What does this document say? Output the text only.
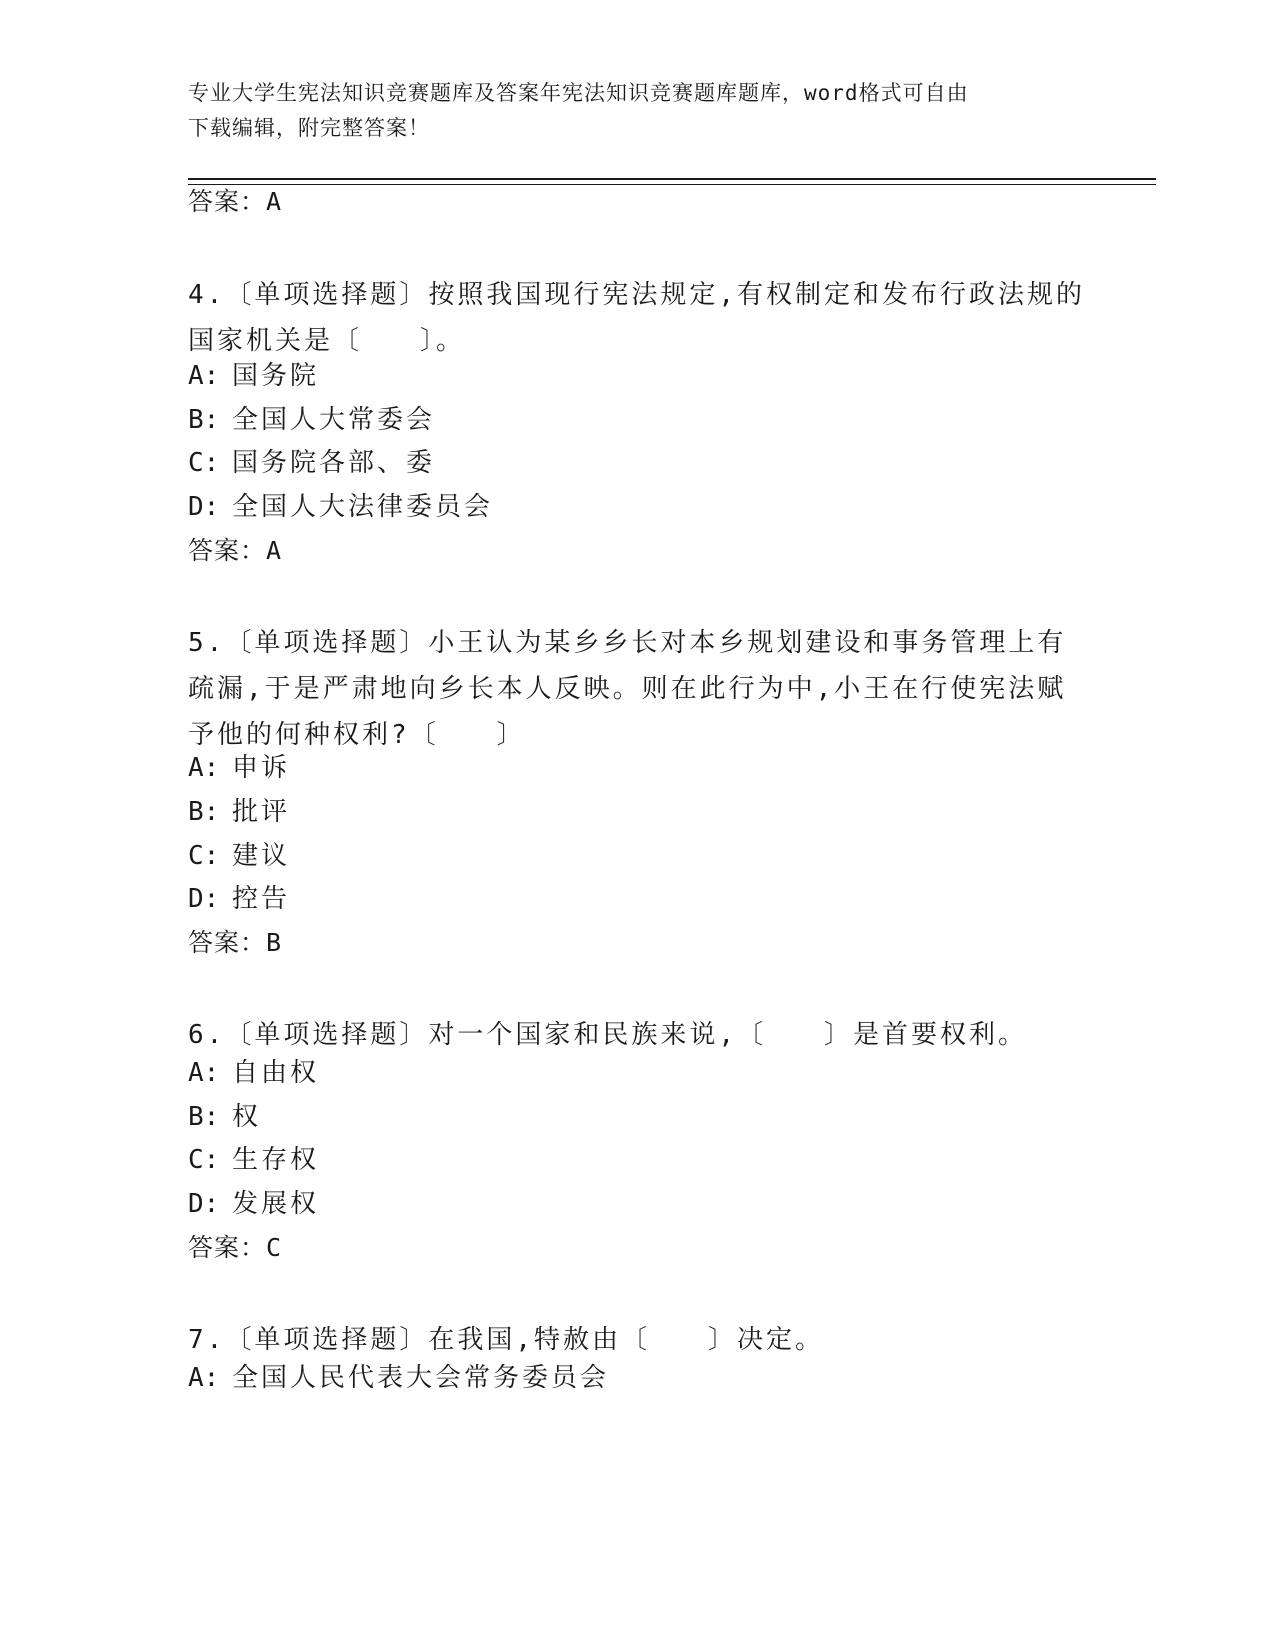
专业大学生宪法知识竞赛题库及答案年宪法知识竞赛题库题库，word格式可自由
下载编辑，附完整答案！
答案：A
4.〔单项选择题〕按照我国现行宪法规定,有权制定和发布行政法规的
国家机关是〔　　〕。
A: 国务院
B: 全国人大常委会
C: 国务院各部、委
D: 全国人大法律委员会
答案：A
5.〔单项选择题〕小王认为某乡乡长对本乡规划建设和事务管理上有
疏漏,于是严肃地向乡长本人反映。则在此行为中,小王在行使宪法赋
予他的何种权利?〔　　〕
A: 申诉
B: 批评
C: 建议
D: 控告
答案：B
6.〔单项选择题〕对一个国家和民族来说,〔　　〕是首要权利。
A: 自由权
B: 权
C: 生存权
D: 发展权
答案：C
7.〔单项选择题〕在我国,特赦由〔　　〕决定。
A: 全国人民代表大会常务委员会
